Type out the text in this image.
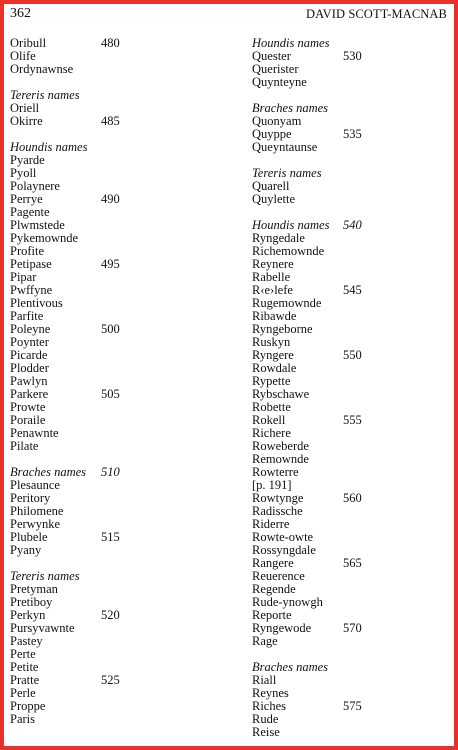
362	DAVID SCOTT-MACNAB
Oribull	480
Olife
Ordynawnse
Tereris names
Oriell
Okirre	485
Houndis names
Pyarde
Pyoll
Polaynere
Perrye	490
Pagente
Plwmstede
Pykemowndе
Profite
Petipase	495
Pipar
Pwffyne
Plentivous
Parfite
Poleyne	500
Poynter
Picarde
Plodder
Pawlyn
Parkere	505
Prowte
Poraile
Penawnte
Pilate
Braches names 510
Plesaunce
Peritory
Philomene
Perwynke
Plubele	515
Pyany
Tereris names
Pretyman
Pretiboy
Perkyn	520
Pursyvawnte
Pastey
Perte
Petite
Pratte	525
Perle
Proppe
Paris
Houndis names
Quester	530
Querister
Quynteyne
Braches names
Quonyam
Quyppe	535
Queyntaunse
Tereris names
Quarell
Quylette
Houndis names 540
Ryngedale
Richemowndе
Reynere
Rabelle
R‹e›lefe	545
Rugemowndе
Ribawde
Ryngeborne
Ruskyn
Ryngere	550
Rowdale
Rypette
Rybschawe
Robette
Rokell	555
Richere
Roweberde
Remownde
Rowterre
[p. 191]
Rowtynge	560
Radissche
Riderre
Rowte-owte
Rossyngdale
Rangere	565
Reuerence
Regende
Rude-ynowgh
Reporte
Ryngewode	570
Rage
Braches names
Riall
Reynes
Riches	575
Rude
Reise
